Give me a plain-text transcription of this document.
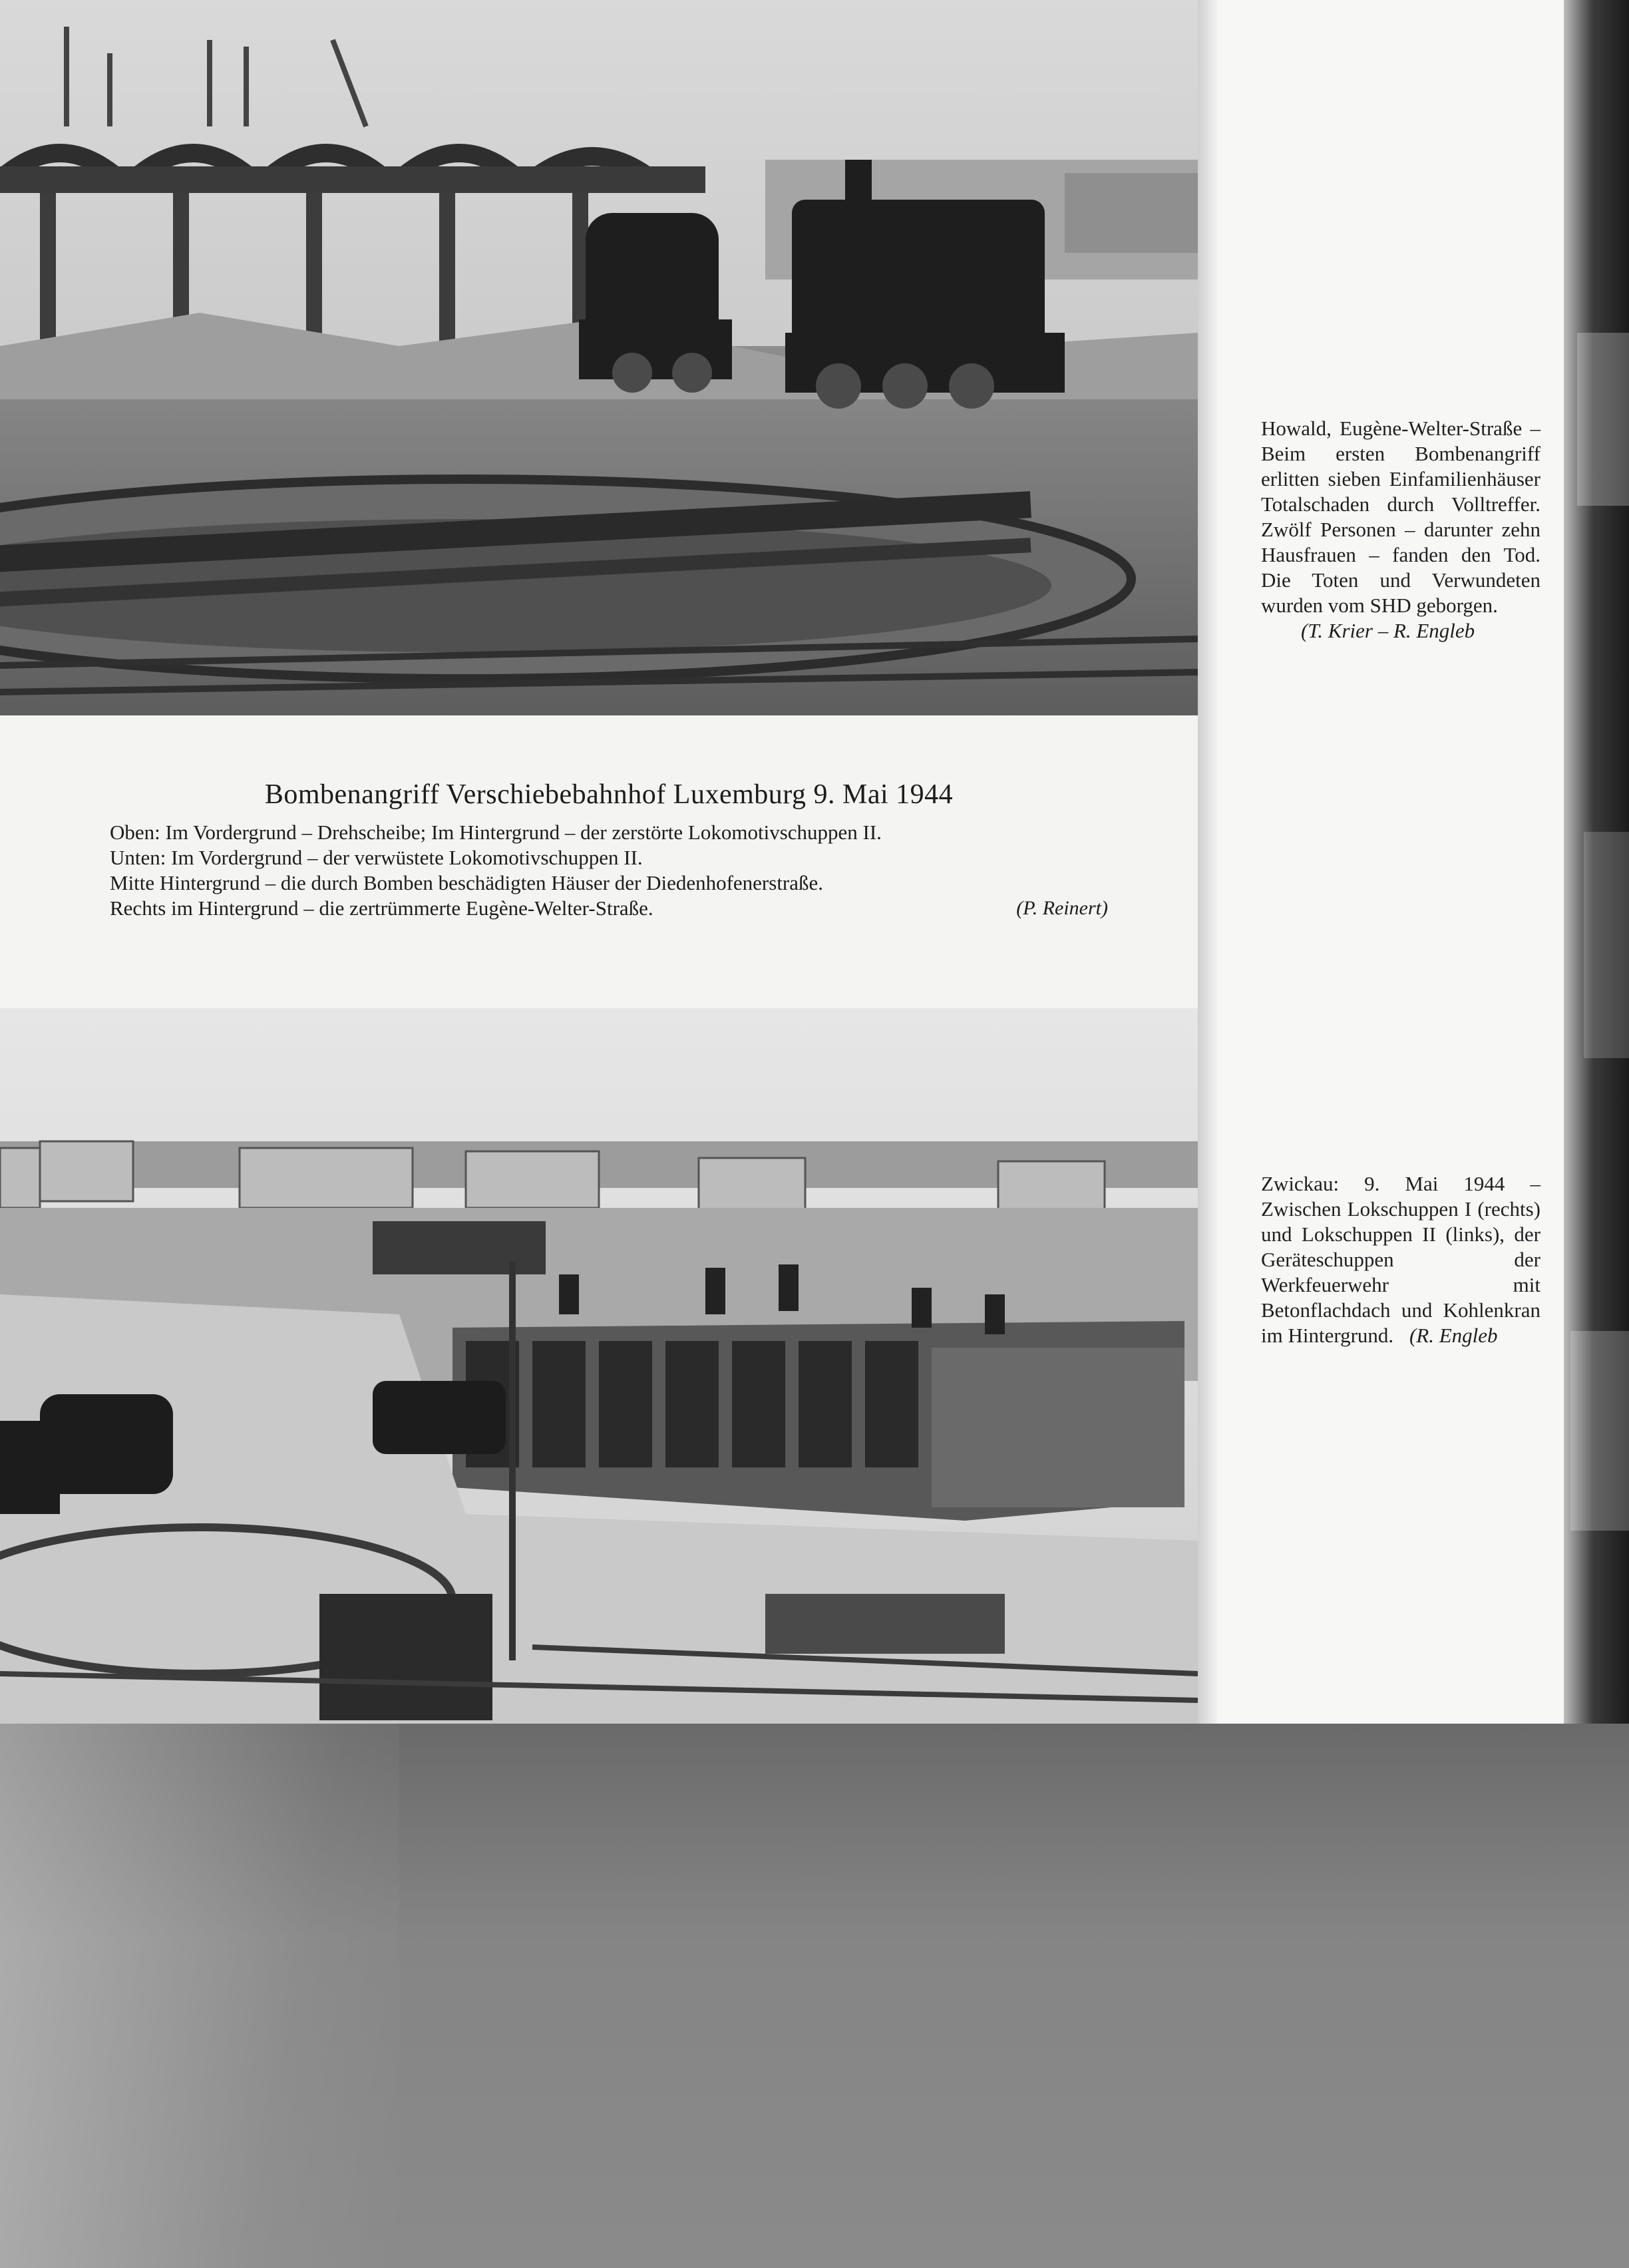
Bombenangriff Verschiebebahnhof Luxemburg 9. Mai 1944

Oben: Im Vordergrund – Drehscheibe; Im Hintergrund – der zerstörte Lokomotivschuppen II.

Unten: Im Vordergrund – der verwüstete Lokomotivschuppen II.

Mitte Hintergrund – die durch Bomben beschädigten Häuser der Diedenhofenerstraße.

Rechts im Hintergrund – die zertrümmerte Eugène-Welter-Straße.	(P. Reinert)

Howald, Eugène-Welter-Straße – Beim ersten Bombenangriff erlitten sieben Einfamilienhäuser Totalschaden durch Volltreffer. Zwölf Personen – darunter zehn Hausfrauen – fanden den Tod. Die Toten und Verwundeten wurden vom SHD geborgen.
(T. Krier – R. Engleb
Zwickau: 9. Mai 1944 – Zwischen Lokschuppen I (rechts) und Lokschuppen II (links), der Geräteschuppen der Werkfeuerwehr mit Betonflachdach und Kohlenkran im Hintergrund. (R. Engleb
